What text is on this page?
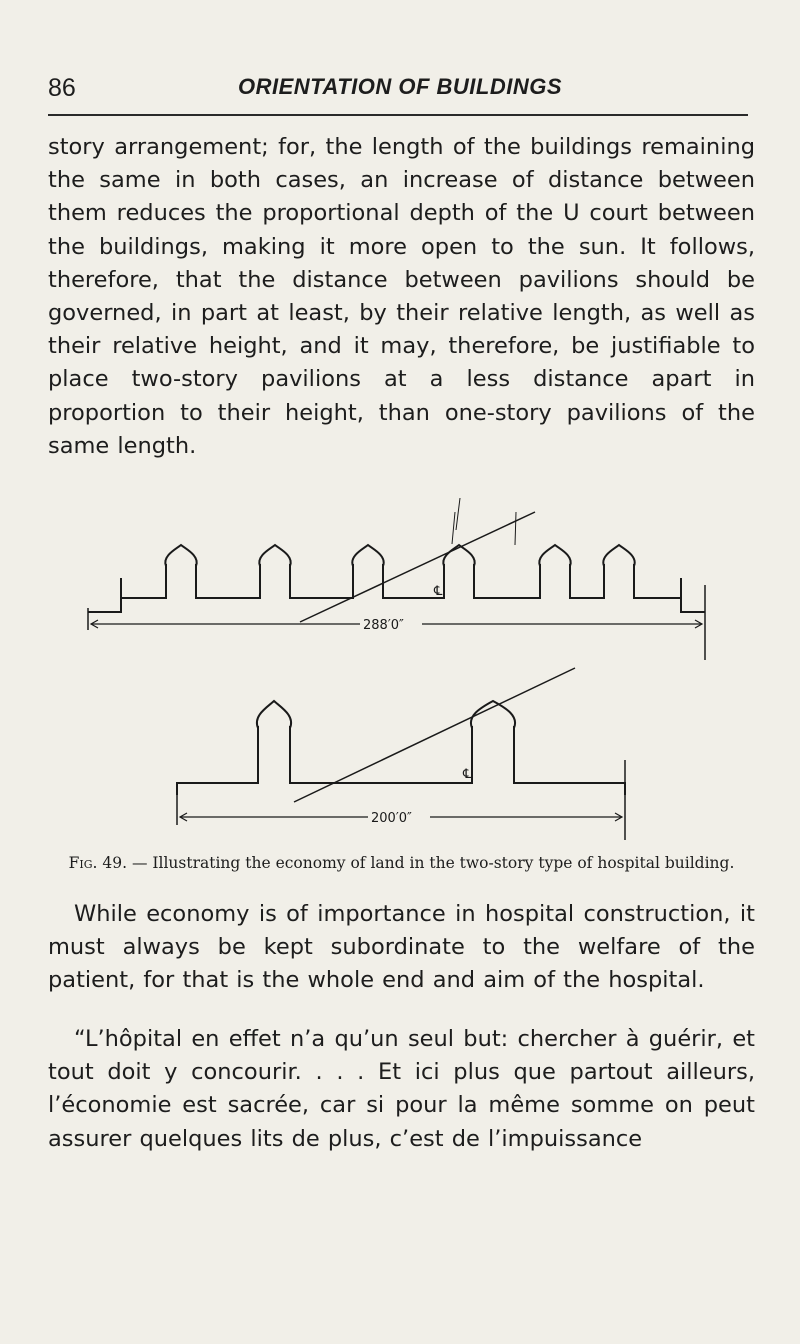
86	ORIENTATION OF BUILDINGS

story arrangement; for, the length of the buildings remaining the same in both cases, an increase of distance between them reduces the proportional depth of the U court between the buildings, making it more open to the sun. It follows, therefore, that the distance between pavilions should be governed, in part at least, by their relative length, as well as their relative height, and it may, therefore, be justifiable to place two-story pavilions at a less distance apart in proportion to their height, than one-story pavilions of the same length.

℄
288′0″
℄
200′0″

Fig. 49. — Illustrating the economy of land in the two-story type of hospital building.

While economy is of importance in hospital construction, it must always be kept subordinate to the welfare of the patient, for that is the whole end and aim of the hospital.

“L’hôpital en effet n’a qu’un seul but: chercher à guérir, et tout doit y concourir. . . . Et ici plus que partout ailleurs, l’économie est sacrée, car si pour la même somme on peut assurer quelques lits de plus, c’est de l’impuissance
